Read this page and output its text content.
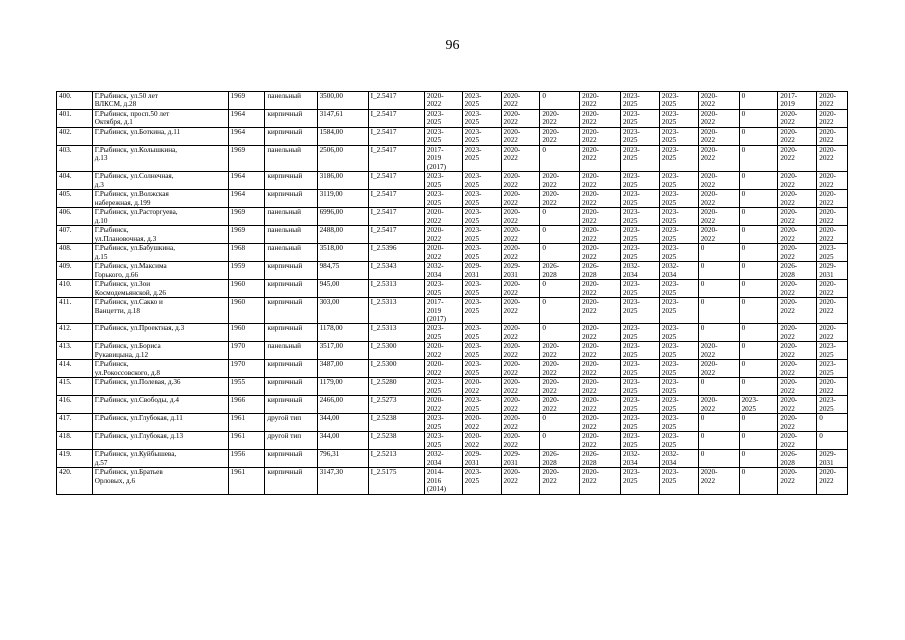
96
400.	Г.Рыбинск, ул.50 лет
ВЛКСМ, д.28	1969	панельный	3500,00	I_2.5417	2020-
2022	2023-
2025	2020-
2022	0	2020-
2022	2023-
2025	2023-
2025	2020-
2022	0	2017-
2019	2020-
2022
401.	Г.Рыбинск, просп.50 лет
Октября, д.1	1964	кирпичный	3147,61	I_2.5417	2023-
2025	2023-
2025	2020-
2022	2020-
2022	2020-
2022	2023-
2025	2023-
2025	2020-
2022	0	2020-
2022	2020-
2022
402.	Г.Рыбинск, ул.Боткина, д.11	1964	кирпичный	1584,00	I_2.5417	2023-
2025	2023-
2025	2020-
2022	2020-
2022	2020-
2022	2023-
2025	2023-
2025	2020-
2022	0	2020-
2022	2020-
2022
403.	Г.Рыбинск, ул.Колышкина,
д.13	1969	панельный	2506,00	I_2.5417	2017-
2019
(2017)	2023-
2025	2020-
2022	0	2020-
2022	2023-
2025	2023-
2025	2020-
2022	0	2020-
2022	2020-
2022
404.	Г.Рыбинск, ул.Солнечная,
д.3	1964	кирпичный	3186,00	I_2.5417	2023-
2025	2023-
2025	2020-
2022	2020-
2022	2020-
2022	2023-
2025	2023-
2025	2020-
2022	0	2020-
2022	2020-
2022
405.	Г.Рыбинск, ул.Волжская
набережная, д.199	1964	кирпичный	3119,00	I_2.5417	2023-
2025	2023-
2025	2020-
2022	2020-
2022	2020-
2022	2023-
2025	2023-
2025	2020-
2022	0	2020-
2022	2020-
2022
406.	Г.Рыбинск, ул.Расторгуева,
д.10	1969	панельный	6996,00	I_2.5417	2020-
2022	2023-
2025	2020-
2022	0	2020-
2022	2023-
2025	2023-
2025	2020-
2022	0	2020-
2022	2020-
2022
407.	Г.Рыбинск,
ул.Плановочная, д.3	1969	панельный	2488,00	I_2.5417	2020-
2022	2023-
2025	2020-
2022	0	2020-
2022	2023-
2025	2023-
2025	2020-
2022	0	2020-
2022	2020-
2022
408.	Г.Рыбинск, ул.Бабушкина,
д.15	1968	панельный	3518,00	I_2.5396	2020-
2022	2023-
2025	2020-
2022	0	2020-
2022	2023-
2025	2023-
2025	0	0	2020-
2022	2023-
2025
409.	Г.Рыбинск, ул.Максима
Горького, д.66	1959	кирпичный	984,75	I_2.5343	2032-
2034	2029-
2031	2029-
2031	2026-
2028	2026-
2028	2032-
2034	2032-
2034	0	0	2026-
2028	2029-
2031
410.	Г.Рыбинск, ул.Зои
Космодемьянской, д.26	1960	кирпичный	945,00	I_2.5313	2023-
2025	2023-
2025	2020-
2022	0	2020-
2022	2023-
2025	2023-
2025	0	0	2020-
2022	2020-
2022
411.	Г.Рыбинск, ул.Сакко и
Ванцетти, д.18	1960	кирпичный	303,00	I_2.5313	2017-
2019
(2017)	2023-
2025	2020-
2022	0	2020-
2022	2023-
2025	2023-
2025	0	0	2020-
2022	2020-
2022
412.	Г.Рыбинск, ул.Проектная, д.3	1960	кирпичный	1178,00	I_2.5313	2023-
2025	2023-
2025	2020-
2022	0	2020-
2022	2023-
2025	2023-
2025	0	0	2020-
2022	2020-
2022
413.	Г.Рыбинск, ул.Бориса
Рукавицына, д.12	1970	панельный	3517,00	I_2.5300	2020-
2022	2023-
2025	2020-
2022	2020-
2022	2020-
2022	2023-
2025	2023-
2025	2020-
2022	0	2020-
2022	2023-
2025
414.	Г.Рыбинск,
ул.Рокоссовского, д.8	1970	кирпичный	3487,00	I_2.5300	2020-
2022	2023-
2025	2020-
2022	2020-
2022	2020-
2022	2023-
2025	2023-
2025	2020-
2022	0	2020-
2022	2023-
2025
415.	Г.Рыбинск, ул.Полевая, д.36	1955	кирпичный	1179,00	I_2.5280	2023-
2025	2020-
2022	2020-
2022	2020-
2022	2020-
2022	2023-
2025	2023-
2025	0	0	2020-
2022	2020-
2022
416.	Г.Рыбинск, ул.Свободы, д.4	1966	кирпичный	2466,00	I_2.5273	2020-
2022	2023-
2025	2020-
2022	2020-
2022	2020-
2022	2023-
2025	2023-
2025	2020-
2022	2023-
2025	2020-
2022	2023-
2025
417.	Г.Рыбинск, ул.Глубокая, д.11	1961	другой тип	344,00	I_2.5238	2023-
2025	2020-
2022	2020-
2022	0	2020-
2022	2023-
2025	2023-
2025	0	0	2020-
2022	0
418.	Г.Рыбинск, ул.Глубокая, д.13	1961	другой тип	344,00	I_2.5238	2023-
2025	2020-
2022	2020-
2022	0	2020-
2022	2023-
2025	2023-
2025	0	0	2020-
2022	0
419.	Г.Рыбинск, ул.Куйбышева,
д.57	1956	кирпичный	796,31	I_2.5213	2032-
2034	2029-
2031	2029-
2031	2026-
2028	2026-
2028	2032-
2034	2032-
2034	0	0	2026-
2028	2029-
2031
420.	Г.Рыбинск, ул.Братьев
Орловых, д.6	1961	кирпичный	3147,30	I_2.5175	2014-
2016
(2014)	2023-
2025	2020-
2022	2020-
2022	2020-
2022	2023-
2025	2023-
2025	2020-
2022	0	2020-
2022	2020-
2022
